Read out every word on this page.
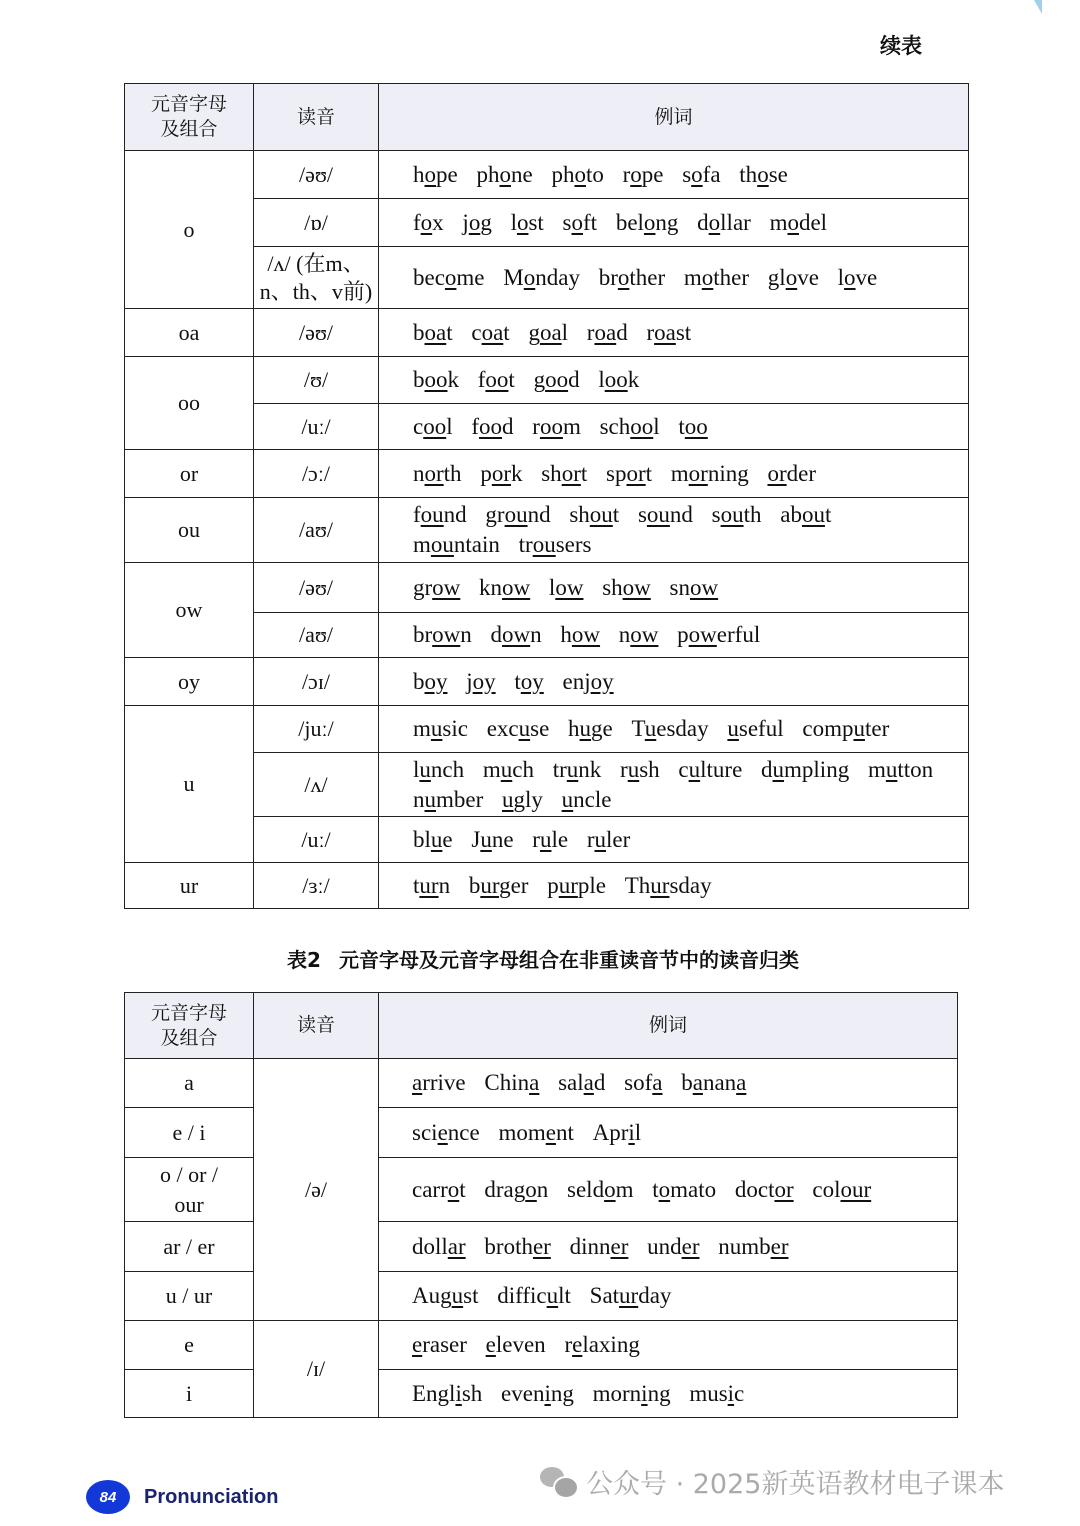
续表
元音字母
及组合	读音	例词
o	/əʊ/	hope phone photo rope sofa those
	/ɒ/	fox jog lost soft belong dollar model
	/ʌ/ (在m、
n、th、v前)	become Monday brother mother glove love
oa	/əʊ/	boat coat goal road roast
oo	/ʊ/	book foot good look
	/uː/	cool food room school too
or	/ɔː/	north pork short sport morning order
ou	/aʊ/	found ground shout sound south about mountain trousers
ow	/əʊ/	grow know low show snow
	/aʊ/	brown down how now powerful
oy	/ɔɪ/	boy joy toy enjoy
u	/juː/	music excuse huge Tuesday useful computer
	/ʌ/	lunch much trunk rush culture dumpling mutton number ugly uncle
	/uː/	blue June rule ruler
ur	/ɜː/	turn burger purple Thursday
表2 元音字母及元音字母组合在非重读音节中的读音归类
元音字母
及组合	读音	例词
a	/ə/	arrive China salad sofa banana
e / i		science moment April
o / or /
our		carrot dragon seldom tomato doctor colour
ar / er		dollar brother dinner under number
u / ur		August difficult Saturday
e	/ɪ/	eraser eleven relaxing
i		English evening morning music
84	Pronunciation	公众号 · 2025新英语教材电子课本
